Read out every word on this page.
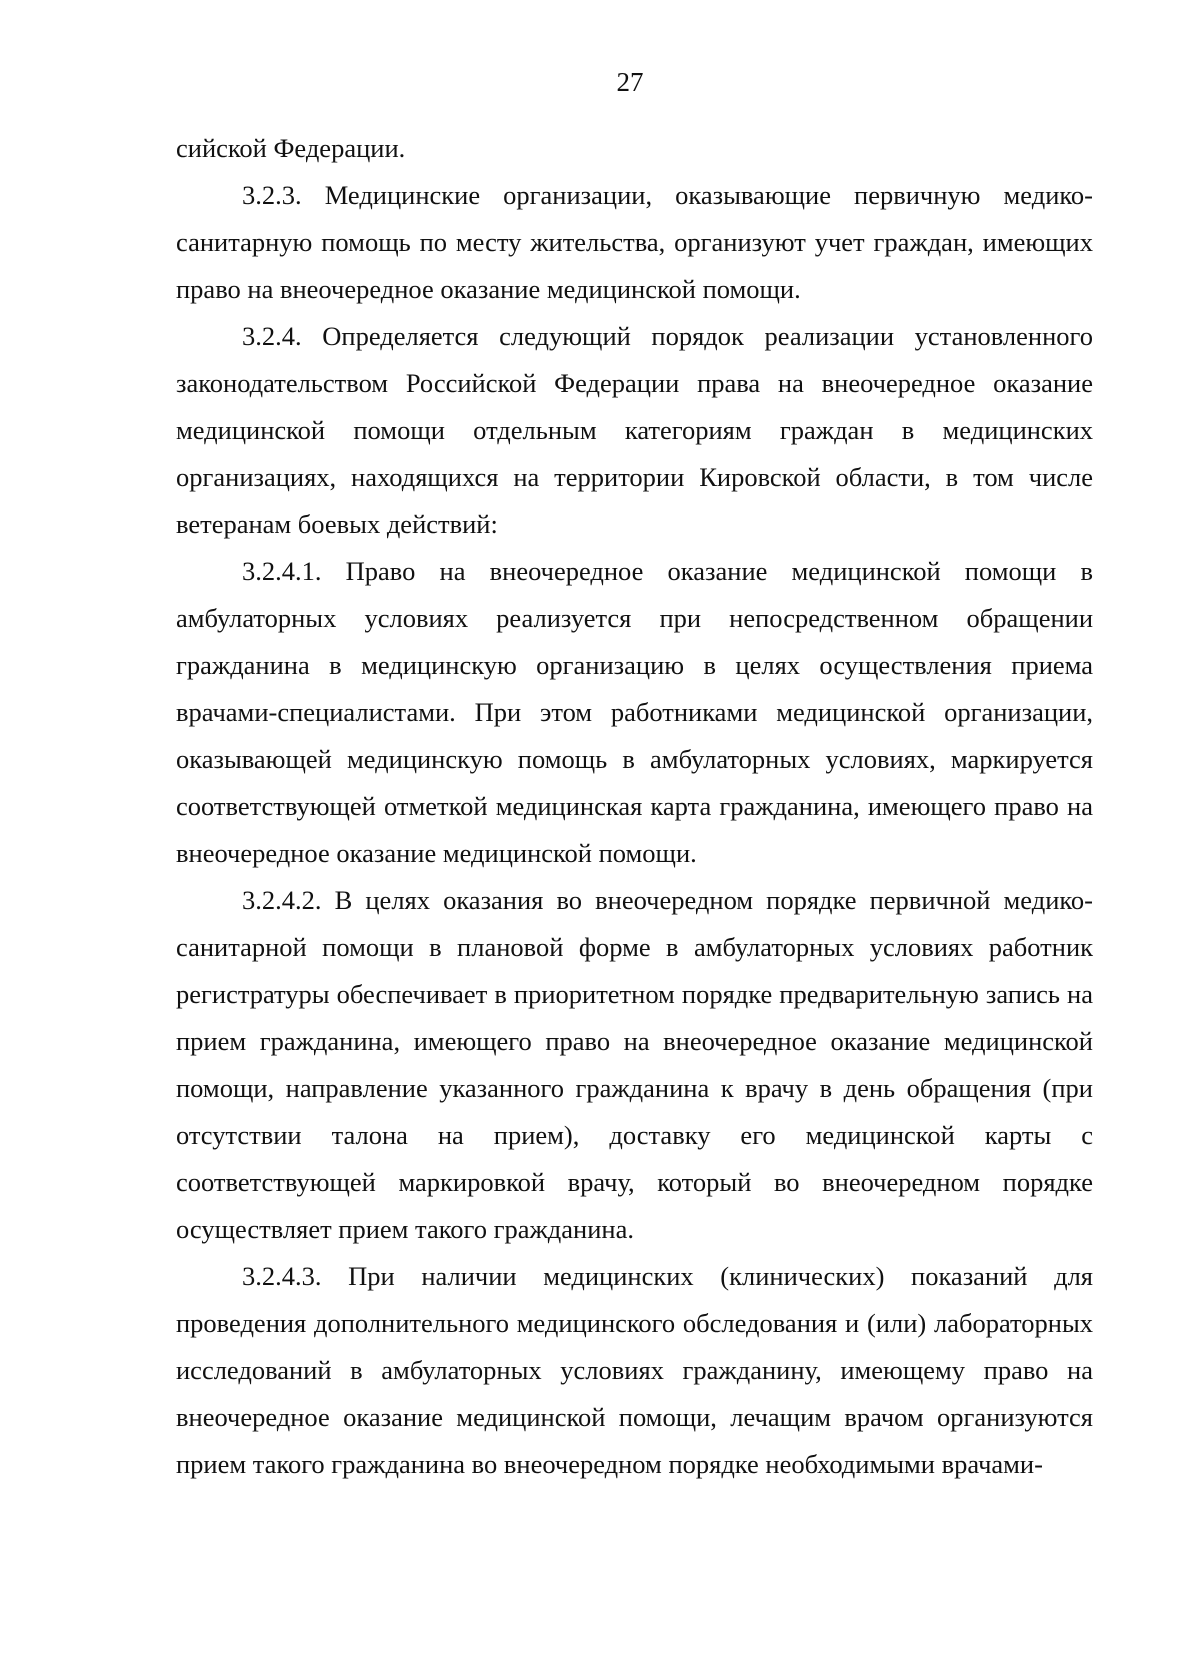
27

сийской Федерации.

3.2.3. Медицинские организации, оказывающие первичную медико-санитарную помощь по месту жительства, организуют учет граждан, имеющих право на внеочередное оказание медицинской помощи.

3.2.4. Определяется следующий порядок реализации установленного законодательством Российской Федерации права на внеочередное оказание медицинской помощи отдельным категориям граждан в медицинских организациях, находящихся на территории Кировской области, в том числе ветеранам боевых действий:

3.2.4.1. Право на внеочередное оказание медицинской помощи в амбулаторных условиях реализуется при непосредственном обращении гражданина в медицинскую организацию в целях осуществления приема врачами-специалистами. При этом работниками медицинской организации, оказывающей медицинскую помощь в амбулаторных условиях, маркируется соответствующей отметкой медицинская карта гражданина, имеющего право на внеочередное оказание медицинской помощи.

3.2.4.2. В целях оказания во внеочередном порядке первичной медико-санитарной помощи в плановой форме в амбулаторных условиях работник регистратуры обеспечивает в приоритетном порядке предварительную запись на прием гражданина, имеющего право на внеочередное оказание медицинской помощи, направление указанного гражданина к врачу в день обращения (при отсутствии талона на прием), доставку его медицинской карты с соответствующей маркировкой врачу, который во внеочередном порядке осуществляет прием такого гражданина.

3.2.4.3. При наличии медицинских (клинических) показаний для проведения дополнительного медицинского обследования и (или) лабораторных исследований в амбулаторных условиях гражданину, имеющему право на внеочередное оказание медицинской помощи, лечащим врачом организуются прием такого гражданина во внеочередном порядке необходимыми врачами-
